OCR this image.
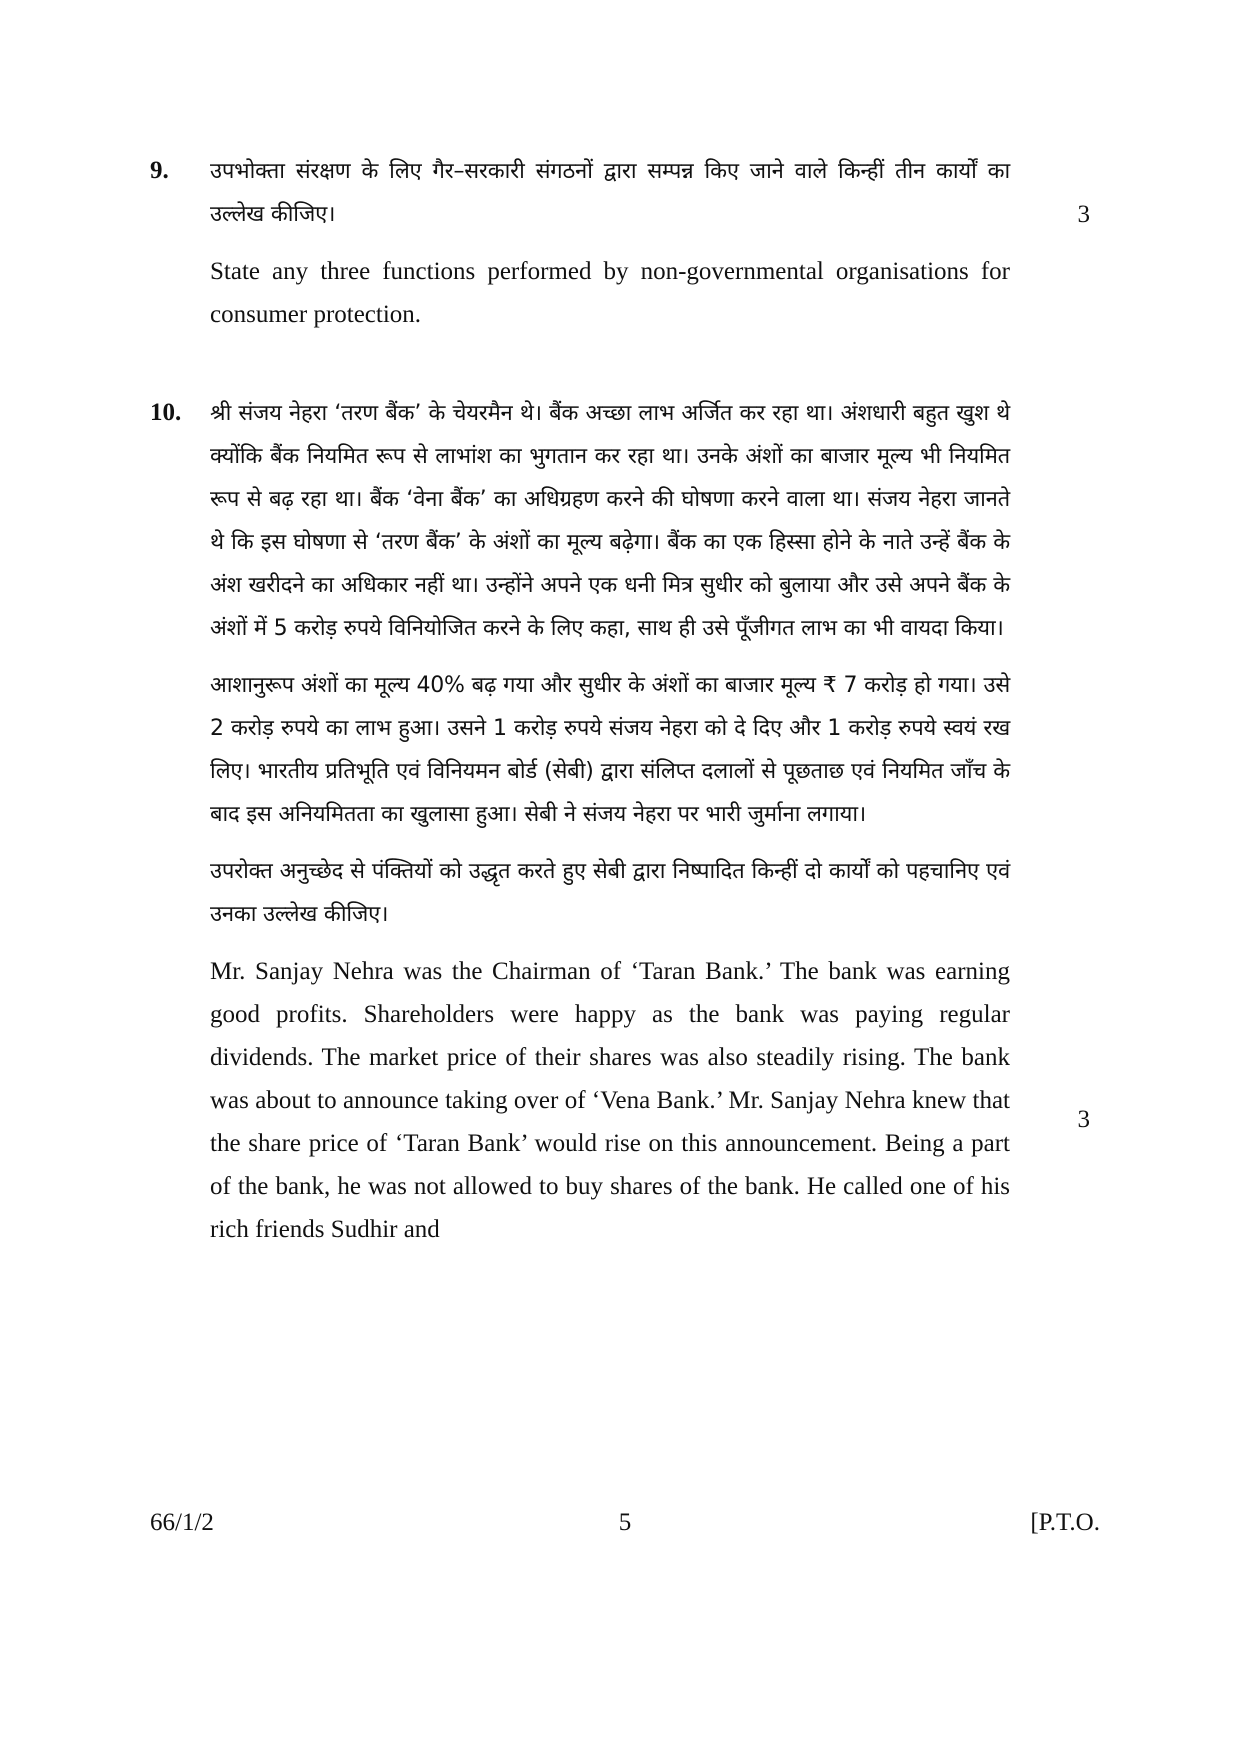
9. उपभोक्ता संरक्षण के लिए गैर–सरकारी संगठनों द्वारा सम्पन्न किए जाने वाले किन्हीं तीन कार्यों का उल्लेख कीजिए।

State any three functions performed by non-governmental organisations for consumer protection.

3
10. श्री संजय नेहरा ‘तरण बैंक’ के चेयरमैन थे। बैंक अच्छा लाभ अर्जित कर रहा था। अंशधारी बहुत खुश थे क्योंकि बैंक नियमित रूप से लाभांश का भुगतान कर रहा था। उनके अंशों का बाजार मूल्य भी नियमित रूप से बढ़ रहा था। बैंक ‘वेना बैंक’ का अधिग्रहण करने की घोषणा करने वाला था। संजय नेहरा जानते थे कि इस घोषणा से ‘तरण बैंक’ के अंशों का मूल्य बढ़ेगा। बैंक का एक हिस्सा होने के नाते उन्हें बैंक के अंश खरीदने का अधिकार नहीं था। उन्होंने अपने एक धनी मित्र सुधीर को बुलाया और उसे अपने बैंक के अंशों में 5 करोड़ रुपये विनियोजित करने के लिए कहा, साथ ही उसे पूँजीगत लाभ का भी वायदा किया।

आशानुरूप अंशों का मूल्य 40% बढ़ गया और सुधीर के अंशों का बाजार मूल्य ₹ 7 करोड़ हो गया। उसे 2 करोड़ रुपये का लाभ हुआ। उसने 1 करोड़ रुपये संजय नेहरा को दे दिए और 1 करोड़ रुपये स्वयं रख लिए। भारतीय प्रतिभूति एवं विनियमन बोर्ड (सेबी) द्वारा संलिप्त दलालों से पूछताछ एवं नियमित जाँच के बाद इस अनियमितता का खुलासा हुआ। सेबी ने संजय नेहरा पर भारी जुर्माना लगाया।

उपरोक्त अनुच्छेद से पंक्तियों को उद्धृत करते हुए सेबी द्वारा निष्पादित किन्हीं दो कार्यों को पहचानिए एवं उनका उल्लेख कीजिए।

Mr. Sanjay Nehra was the Chairman of ‘Taran Bank.’ The bank was earning good profits. Shareholders were happy as the bank was paying regular dividends. The market price of their shares was also steadily rising. The bank was about to announce taking over of ‘Vena Bank.’ Mr. Sanjay Nehra knew that the share price of ‘Taran Bank’ would rise on this announcement. Being a part of the bank, he was not allowed to buy shares of the bank. He called one of his rich friends Sudhir and

3
66/1/2	5	[P.T.O.
